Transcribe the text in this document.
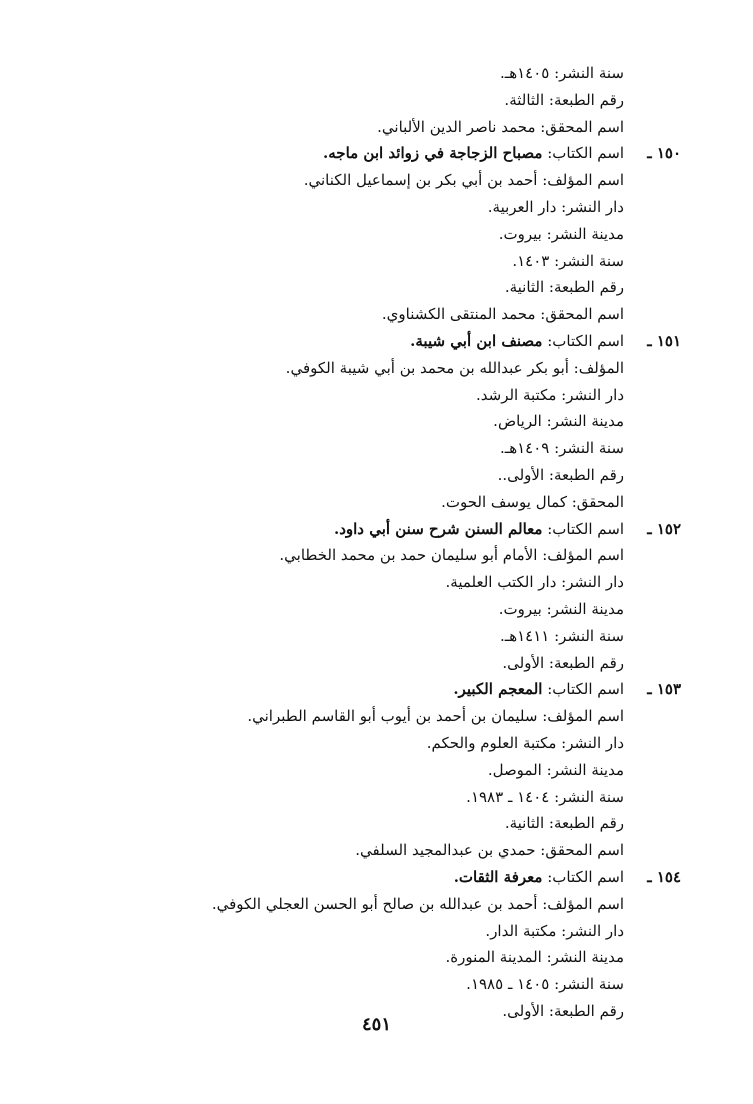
سنة النشر: ١٤٠٥هـ.
رقم الطبعة: الثالثة.
اسم المحقق: محمد ناصر الدين الألباني.
١٥٠ ـ
اسم الكتاب: مصباح الزجاجة في زوائد ابن ماجه.
اسم المؤلف: أحمد بن أبي بكر بن إسماعيل الكناني.
دار النشر: دار العربية.
مدينة النشر: بيروت.
سنة النشر: ١٤٠٣.
رقم الطبعة: الثانية.
اسم المحقق: محمد المنتقى الكشناوي.
١٥١ ـ
اسم الكتاب: مصنف ابن أبي شيبة.
المؤلف: أبو بكر عبدالله بن محمد بن أبي شيبة الكوفي.
دار النشر: مكتبة الرشد.
مدينة النشر: الرياض.
سنة النشر: ١٤٠٩هـ.
رقم الطبعة: الأولى..
المحقق: كمال يوسف الحوت.
١٥٢ ـ
اسم الكتاب: معالم السنن شرح سنن أبي داود.
اسم المؤلف: الأمام أبو سليمان حمد بن محمد الخطابي.
دار النشر: دار الكتب العلمية.
مدينة النشر: بيروت.
سنة النشر: ١٤١١هـ.
رقم الطبعة: الأولى.
١٥٣ ـ
اسم الكتاب: المعجم الكبير.
اسم المؤلف: سليمان بن أحمد بن أيوب أبو القاسم الطبراني.
دار النشر: مكتبة العلوم والحكم.
مدينة النشر: الموصل.
سنة النشر: ١٤٠٤ ـ ١٩٨٣.
رقم الطبعة: الثانية.
اسم المحقق: حمدي بن عبدالمجيد السلفي.
١٥٤ ـ
اسم الكتاب: معرفة الثقات.
اسم المؤلف: أحمد بن عبدالله بن صالح أبو الحسن العجلي الكوفي.
دار النشر: مكتبة الدار.
مدينة النشر: المدينة المنورة.
سنة النشر: ١٤٠٥ ـ ١٩٨٥.
رقم الطبعة: الأولى.
٤٥١
